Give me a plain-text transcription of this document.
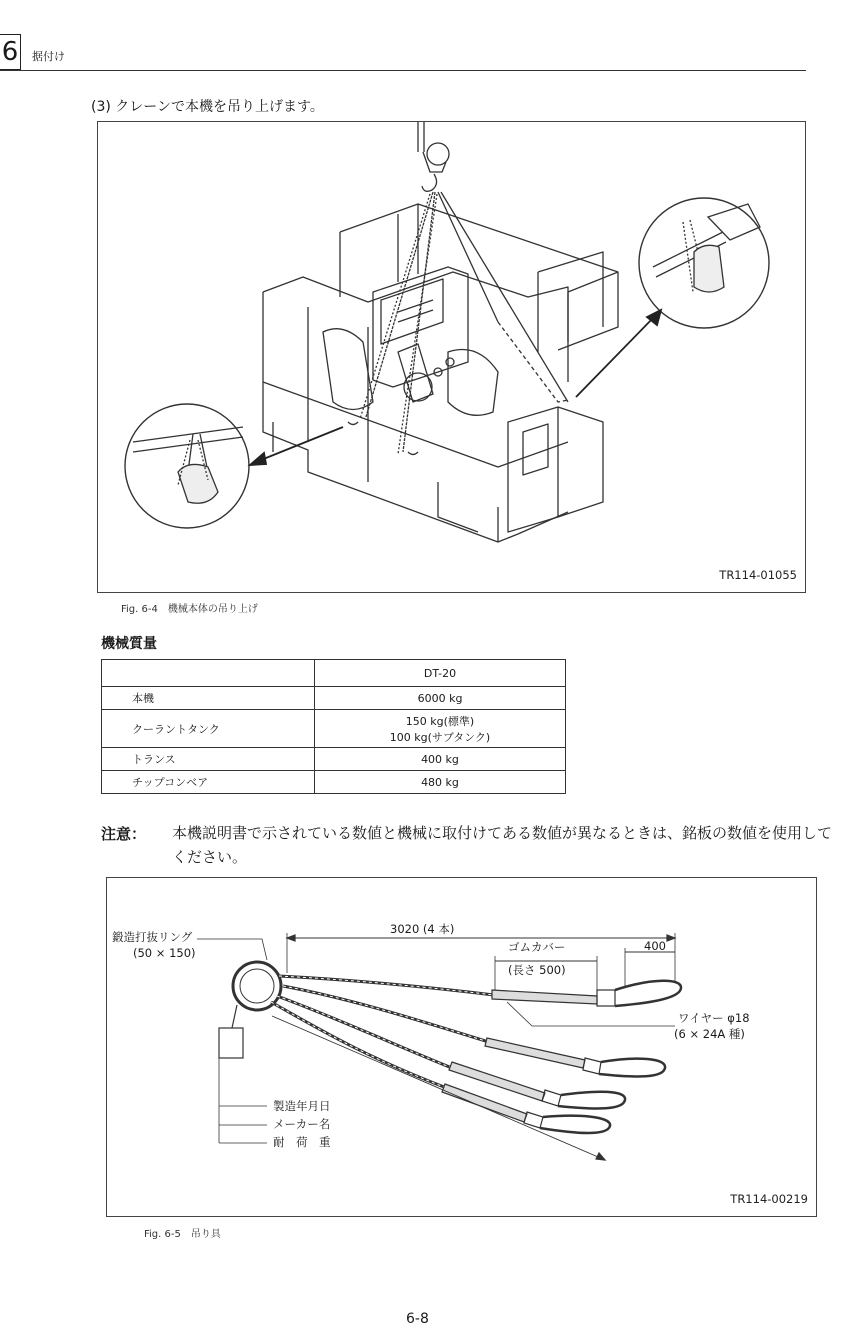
6 据付け
(3) クレーンで本機を吊り上げます。
TR114-01055
Fig. 6-4　機械本体の吊り上げ
機械質量
	DT-20
本機	6000 kg
クーラントタンク	150 kg(標準)
100 kg(サブタンク)

トランス	400 kg
チップコンベア	480 kg
注意： 本機説明書で示されている数値と機械に取付けてある数値が異なるときは、銘板の数値を使用してください。
鍛造打抜リング
(50 × 150)
3020 (4 本)
ゴムカバー
(長さ 500)
400
ワイヤー φ18
(6 × 24A 種)
製造年月日
メーカー名
耐　荷　重
TR114-00219
Fig. 6-5　吊り具
6-8
